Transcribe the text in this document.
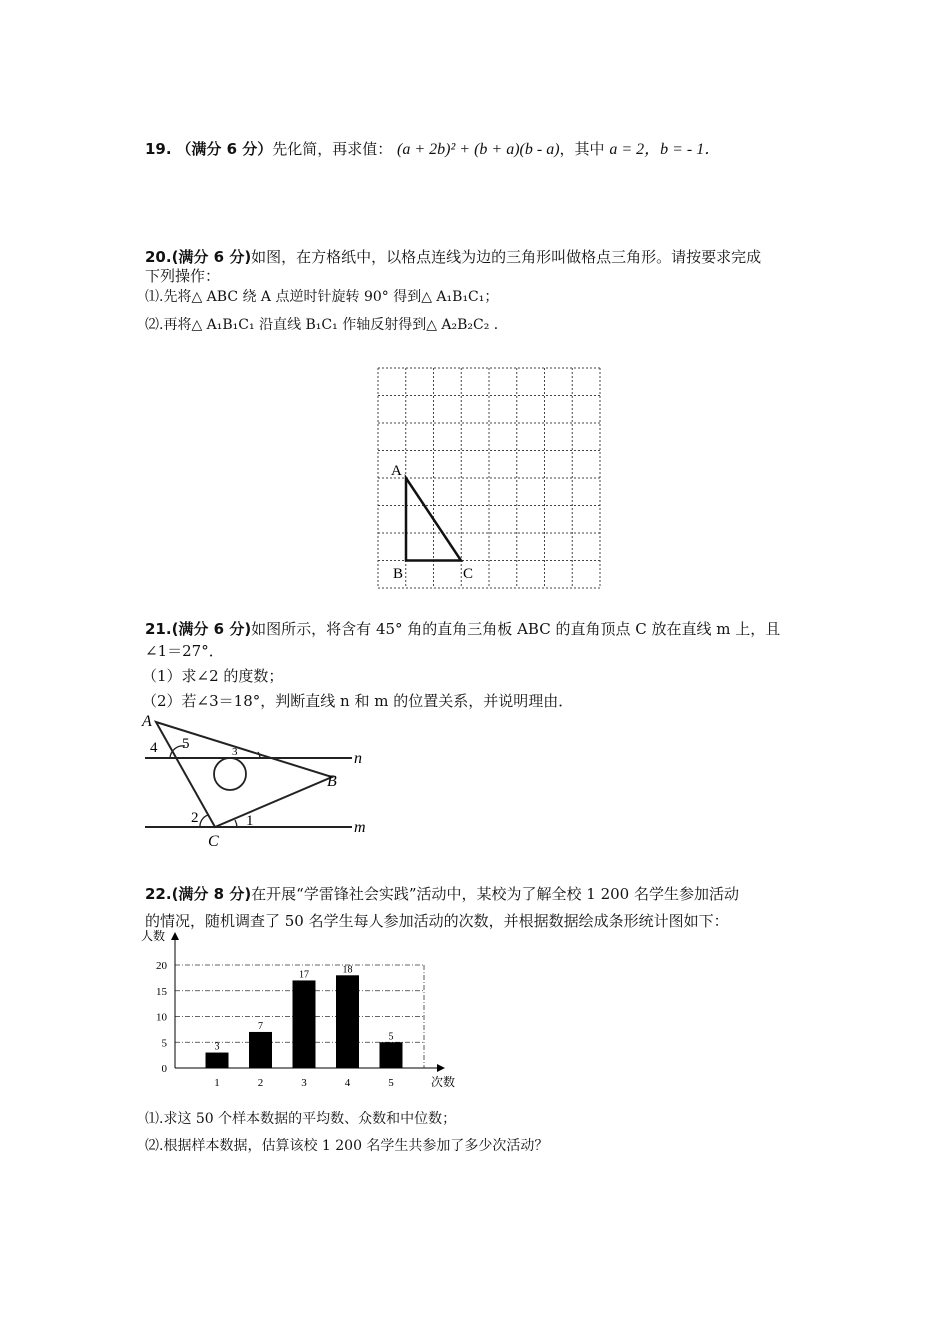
19. （满分 6 分）先化简，再求值： (a + 2b)² + (b + a)(b - a)，其中 a = 2，b = - 1．
20.(满分 6 分)如图，在方格纸中，以格点连线为边的三角形叫做格点三角形。请按要求完成
下列操作：
⑴.先将△ ABC 绕 A 点逆时针旋转 90° 得到△ A₁B₁C₁；
⑵.再将△ A₁B₁C₁ 沿直线 B₁C₁ 作轴反射得到△ A₂B₂C₂ ．
A
B	C
21.(满分 6 分)如图所示，将含有 45° 角的直角三角板 ABC 的直角顶点 C 放在直线 m 上，且
∠1＝27°．
（1）求∠2 的度数；
（2）若∠3＝18°，判断直线 n 和 m 的位置关系，并说明理由．
A
B
C
n
m
4 5	3
2	1
22.(满分 8 分)在开展“学雷锋社会实践”活动中，某校为了解全校 1 200 名学生参加活动
的情况，随机调查了 50 名学生每人参加活动的次数，并根据数据绘成条形统计图如下：
0
5
10
15
20
3
1
7
2
17
3
18
4
5
5
人数
次数
⑴.求这 50 个样本数据的平均数、众数和中位数；
⑵.根据样本数据，估算该校 1 200 名学生共参加了多少次活动？
